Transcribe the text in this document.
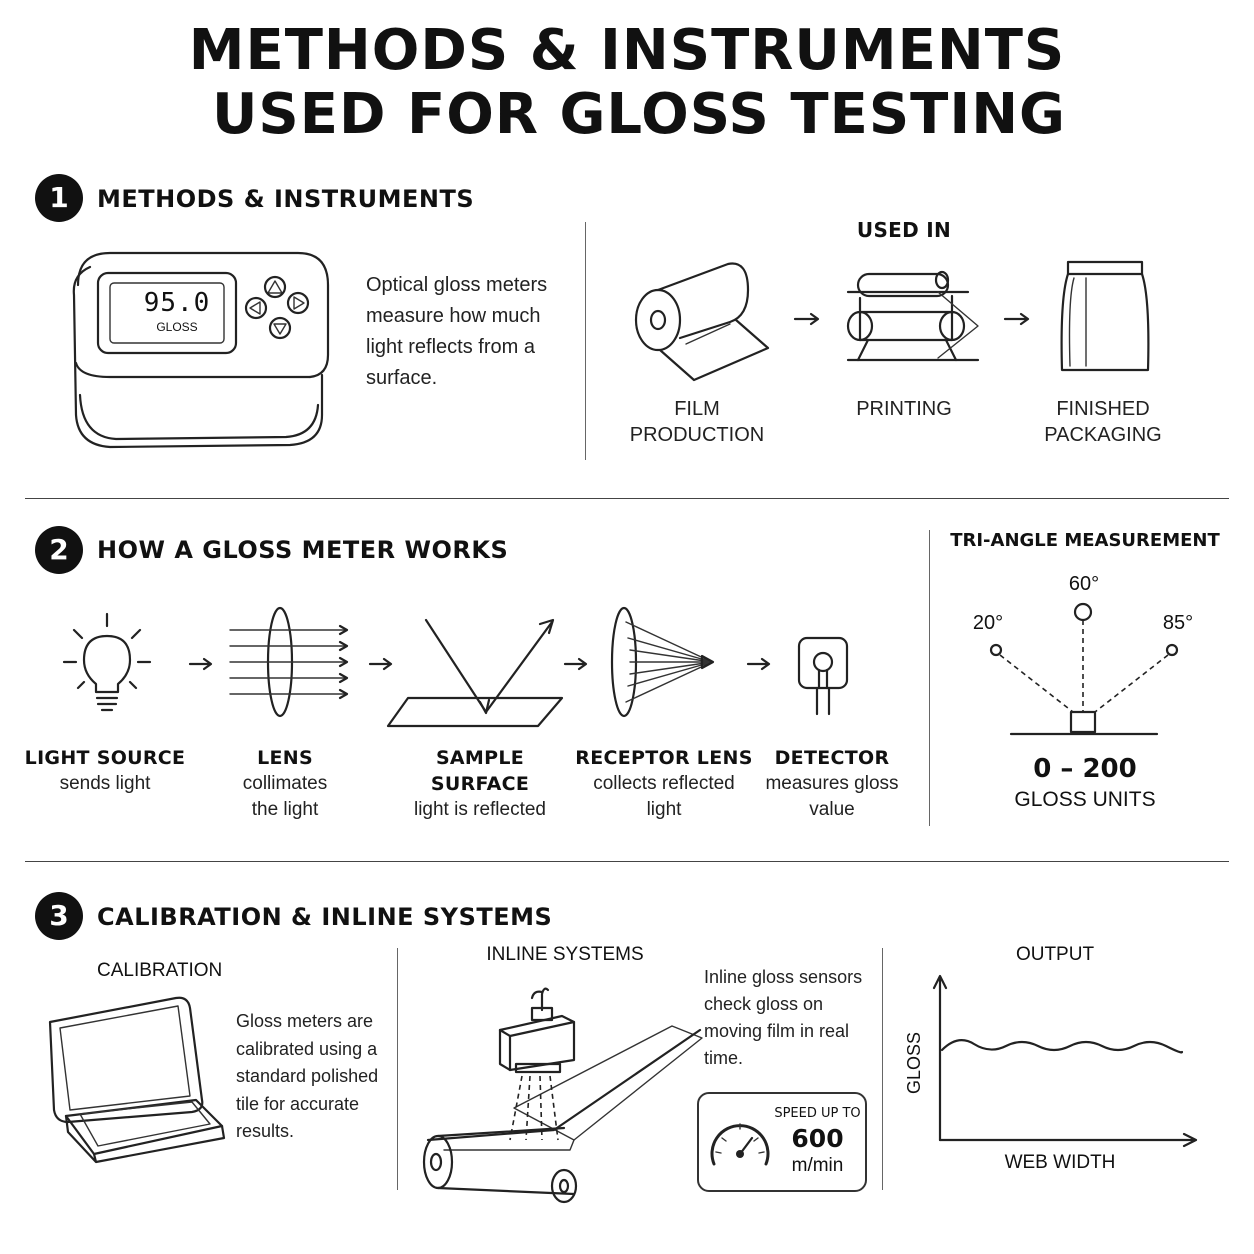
METHODS & INSTRUMENTS
USED FOR GLOSS TESTING
1	METHODS & INSTRUMENTS
95.0
GLOSS
Optical gloss meters measure how much light reflects from a surface.
USED IN
FILM
PRODUCTION
PRINTING	FINISHED
PACKAGING
2	HOW A GLOSS METER WORKS
LIGHT SOURCE
sends light
LENS
collimates
the light
SAMPLE SURFACE
light is reflected
RECEPTOR LENS
collects reflected
light
DETECTOR
measures gloss
value
TRI-ANGLE MEASUREMENT
20°
60°
85°
0 – 200
GLOSS UNITS
3	CALIBRATION & INLINE SYSTEMS
CALIBRATION
Gloss meters are calibrated using a standard polished tile for accurate results.
INLINE SYSTEMS
Inline gloss sensors check gloss on moving film in real time.
SPEED UP TO
600
m/min
OUTPUT
GLOSS
WEB WIDTH
